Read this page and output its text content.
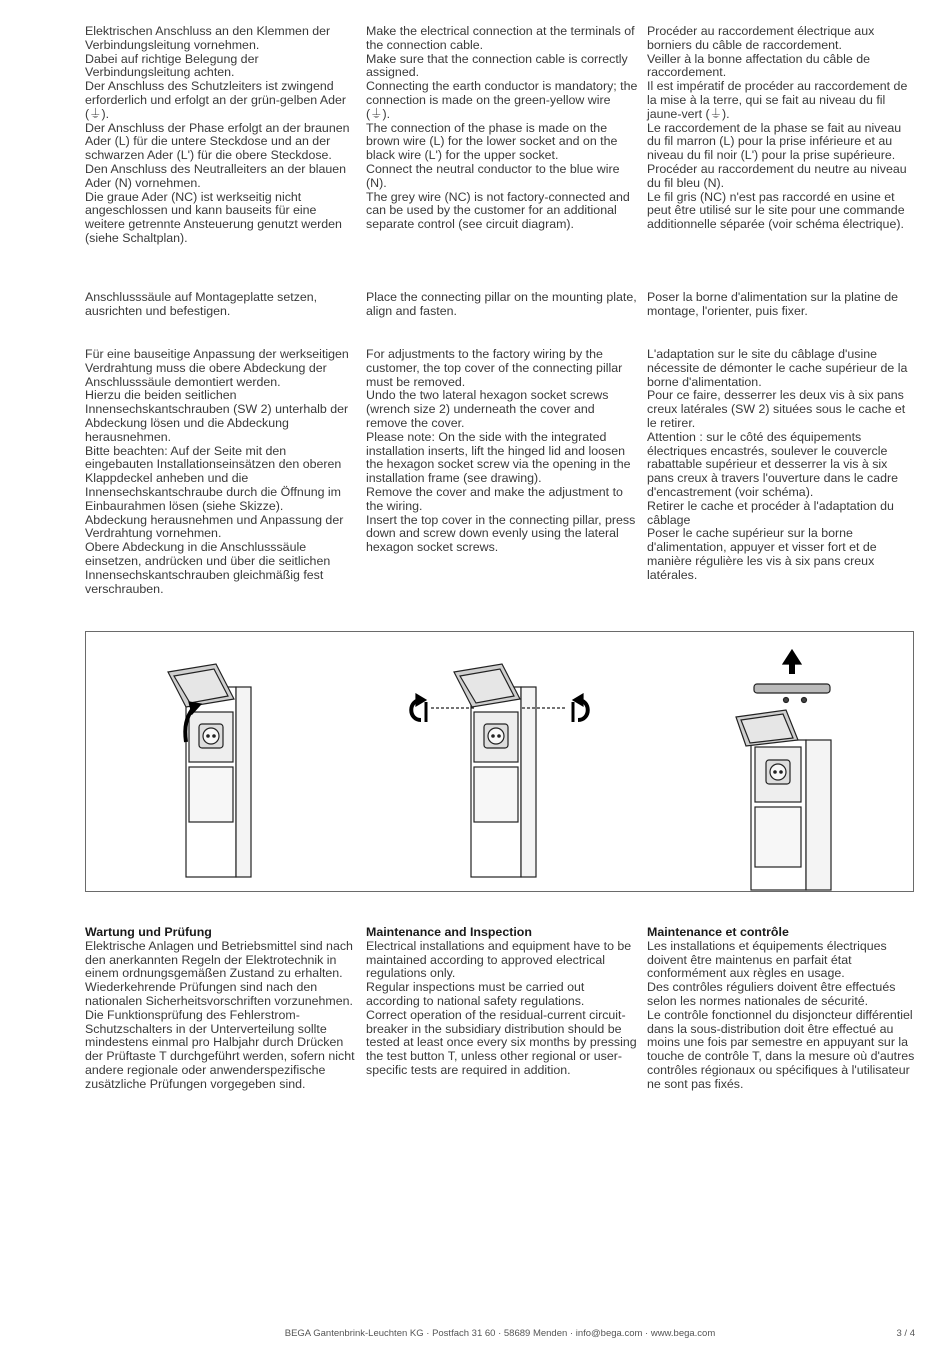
Elektrischen Anschluss an den Klemmen der Verbindungsleitung vornehmen.
Dabei auf richtige Belegung der Verbindungsleitung achten.
Der Anschluss des Schutzleiters ist zwingend erforderlich und erfolgt an der grün-gelben Ader (⏚).
Der Anschluss der Phase erfolgt an der braunen Ader (L) für die untere Steckdose und an der schwarzen Ader (L') für die obere Steckdose.
Den Anschluss des Neutralleiters an der blauen Ader (N) vornehmen.
Die graue Ader (NC) ist werkseitig nicht angeschlossen und kann bauseits für eine weitere getrennte Ansteuerung genutzt werden (siehe Schaltplan).

Make the electrical connection at the terminals of the connection cable.
Make sure that the connection cable is correctly assigned.
Connecting the earth conductor is mandatory; the connection is made on the green-yellow wire (⏚).
The connection of the phase is made on the brown wire (L) for the lower socket and on the black wire (L') for the upper socket.
Connect the neutral conductor to the blue wire (N).
The grey wire (NC) is not factory-connected and can be used by the customer for an additional separate control (see circuit diagram).

Procéder au raccordement électrique aux borniers du câble de raccordement.
Veiller à la bonne affectation du câble de raccordement.
Il est impératif de procéder au raccordement de la mise à la terre, qui se fait au niveau du fil jaune-vert (⏚).
Le raccordement de la phase se fait au niveau du fil marron (L) pour la prise inférieure et au niveau du fil noir (L') pour la prise supérieure.
Procéder au raccordement du neutre au niveau du fil bleu (N).
Le fil gris (NC) n'est pas raccordé en usine et peut être utilisé sur le site pour une commande additionnelle séparée (voir schéma électrique).

Anschlusssäule auf Montageplatte setzen, ausrichten und befestigen.

Place the connecting pillar on the mounting plate, align and fasten.

Poser la borne d'alimentation sur la platine de montage, l'orienter, puis fixer.

Für eine bauseitige Anpassung der werkseitigen Verdrahtung muss die obere Abdeckung der Anschlusssäule demontiert werden.
Hierzu die beiden seitlichen Innensechskantschrauben (SW 2) unterhalb der Abdeckung lösen und die Abdeckung herausnehmen.
Bitte beachten: Auf der Seite mit den eingebauten Installationseinsätzen den oberen Klappdeckel anheben und die Innensechskantschraube durch die Öffnung im Einbaurahmen lösen (siehe Skizze).
Abdeckung herausnehmen und Anpassung der Verdrahtung vornehmen.
Obere Abdeckung in die Anschlusssäule einsetzen, andrücken und über die seitlichen Innensechskantschrauben gleichmäßig fest verschrauben.

For adjustments to the factory wiring by the customer, the top cover of the connecting pillar must be removed.
Undo the two lateral hexagon socket screws (wrench size 2) underneath the cover and remove the cover.
Please note: On the side with the integrated installation inserts, lift the hinged lid and loosen the hexagon socket screw via the opening in the installation frame (see drawing).
Remove the cover and make the adjustment to the wiring.
Insert the top cover in the connecting pillar, press down and screw down evenly using the lateral hexagon socket screws.

L'adaptation sur le site du câblage d'usine nécessite de démonter le cache supérieur de la borne d'alimentation.
Pour ce faire, desserrer les deux vis à six pans creux latérales (SW 2) situées sous le cache et le retirer.
Attention : sur le côté des équipements électriques encastrés, soulever le couvercle rabattable supérieur et desserrer la vis à six pans creux à travers l'ouverture dans le cadre d'encastrement (voir schéma).
Retirer le cache et procéder à l'adaptation du câblage
Poser le cache supérieur sur la borne d'alimentation, appuyer et visser fort et de manière régulière les vis à six pans creux latérales.

Wartung und Prüfung

Elektrische Anlagen und Betriebsmittel sind nach den anerkannten Regeln der Elektrotechnik in einem ordnungsgemäßen Zustand zu erhalten.
Wiederkehrende Prüfungen sind nach den nationalen Sicherheitsvorschriften vorzunehmen.
Die Funktionsprüfung des Fehlerstrom-Schutzschalters in der Unterverteilung sollte mindestens einmal pro Halbjahr durch Drücken der Prüftaste T durchgeführt werden, sofern nicht andere regionale oder anwenderspezifische zusätzliche Prüfungen vorgegeben sind.

Maintenance and Inspection

Electrical installations and equipment have to be maintained according to approved electrical regulations only.
Regular inspections must be carried out according to national safety regulations.
Correct operation of the residual-current circuit-breaker in the subsidiary distribution should be tested at least once every six months by pressing the test button T, unless other regional or user-specific tests are required in addition.

Maintenance et contrôle

Les installations et équipements électriques doivent être maintenus en parfait état conformément aux règles en usage.
Des contrôles réguliers doivent être effectués selon les normes nationales de sécurité.
Le contrôle fonctionnel du disjoncteur différentiel dans la sous-distribution doit être effectué au moins une fois par semestre en appuyant sur la touche de contrôle T, dans la mesure où d'autres contrôles régionaux ou spécifiques à l'utilisateur ne sont pas fixés.

BEGA Gantenbrink-Leuchten KG · Postfach 31 60 · 58689 Menden · info@bega.com · www.bega.com	3 / 4
